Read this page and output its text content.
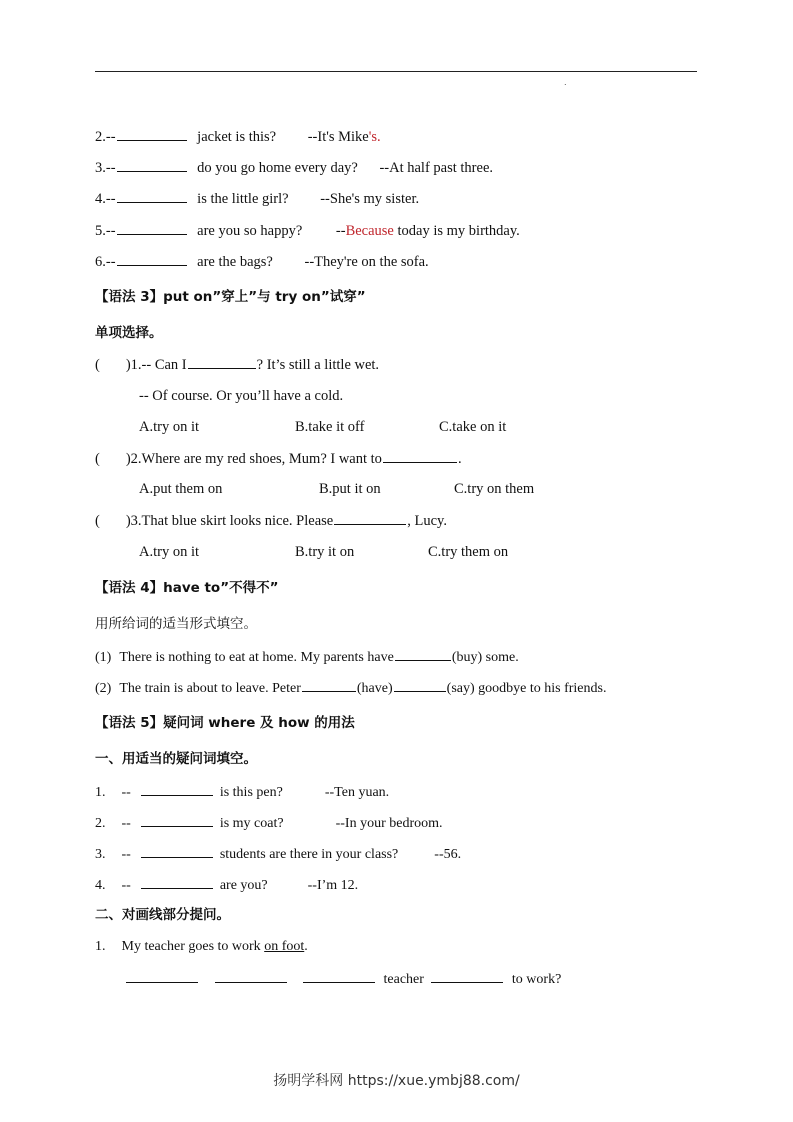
.
2.--	jacket is this? --It's Mike's.
3.--	do you go home every day? --At half past three.
4.--	is the little girl? --She's my sister.
5.--	are you so happy? --Because today is my birthday.
6.--	are the bags? --They're on the sofa.
【语法 3】put on”穿上”与 try on”试穿”
单项选择。
( )1.-- Can I	? It’s still a little wet.
-- Of course. Or you’ll have a cold.
A.try on it	B.take it off	C.take on it
( )2.Where are my red shoes, Mum? I want to	.
A.put them on	B.put it on	C.try on them
( )3.That blue skirt looks nice. Please	, Lucy.
A.try on it	B.try it on	C.try them on
【语法 4】have to”不得不”
用所给词的适当形式填空。
(1) There is nothing to eat at home. My parents have	(buy) some.
(2) The train is about to leave. Peter	(have)	(say) goodbye to his friends.
【语法 5】疑问词 where 及 how 的用法
一、用适当的疑问词填空。
1. --	is this pen?	--Ten yuan.
2. --	is my coat?	--In your bedroom.
3. --	students are there in your class?	--56.
4. --	are you?	--I’m 12.
二、对画线部分提问。
1. My teacher goes to work on foot.
teacher	to work?
扬明学科网 https://xue.ymbj88.com/
